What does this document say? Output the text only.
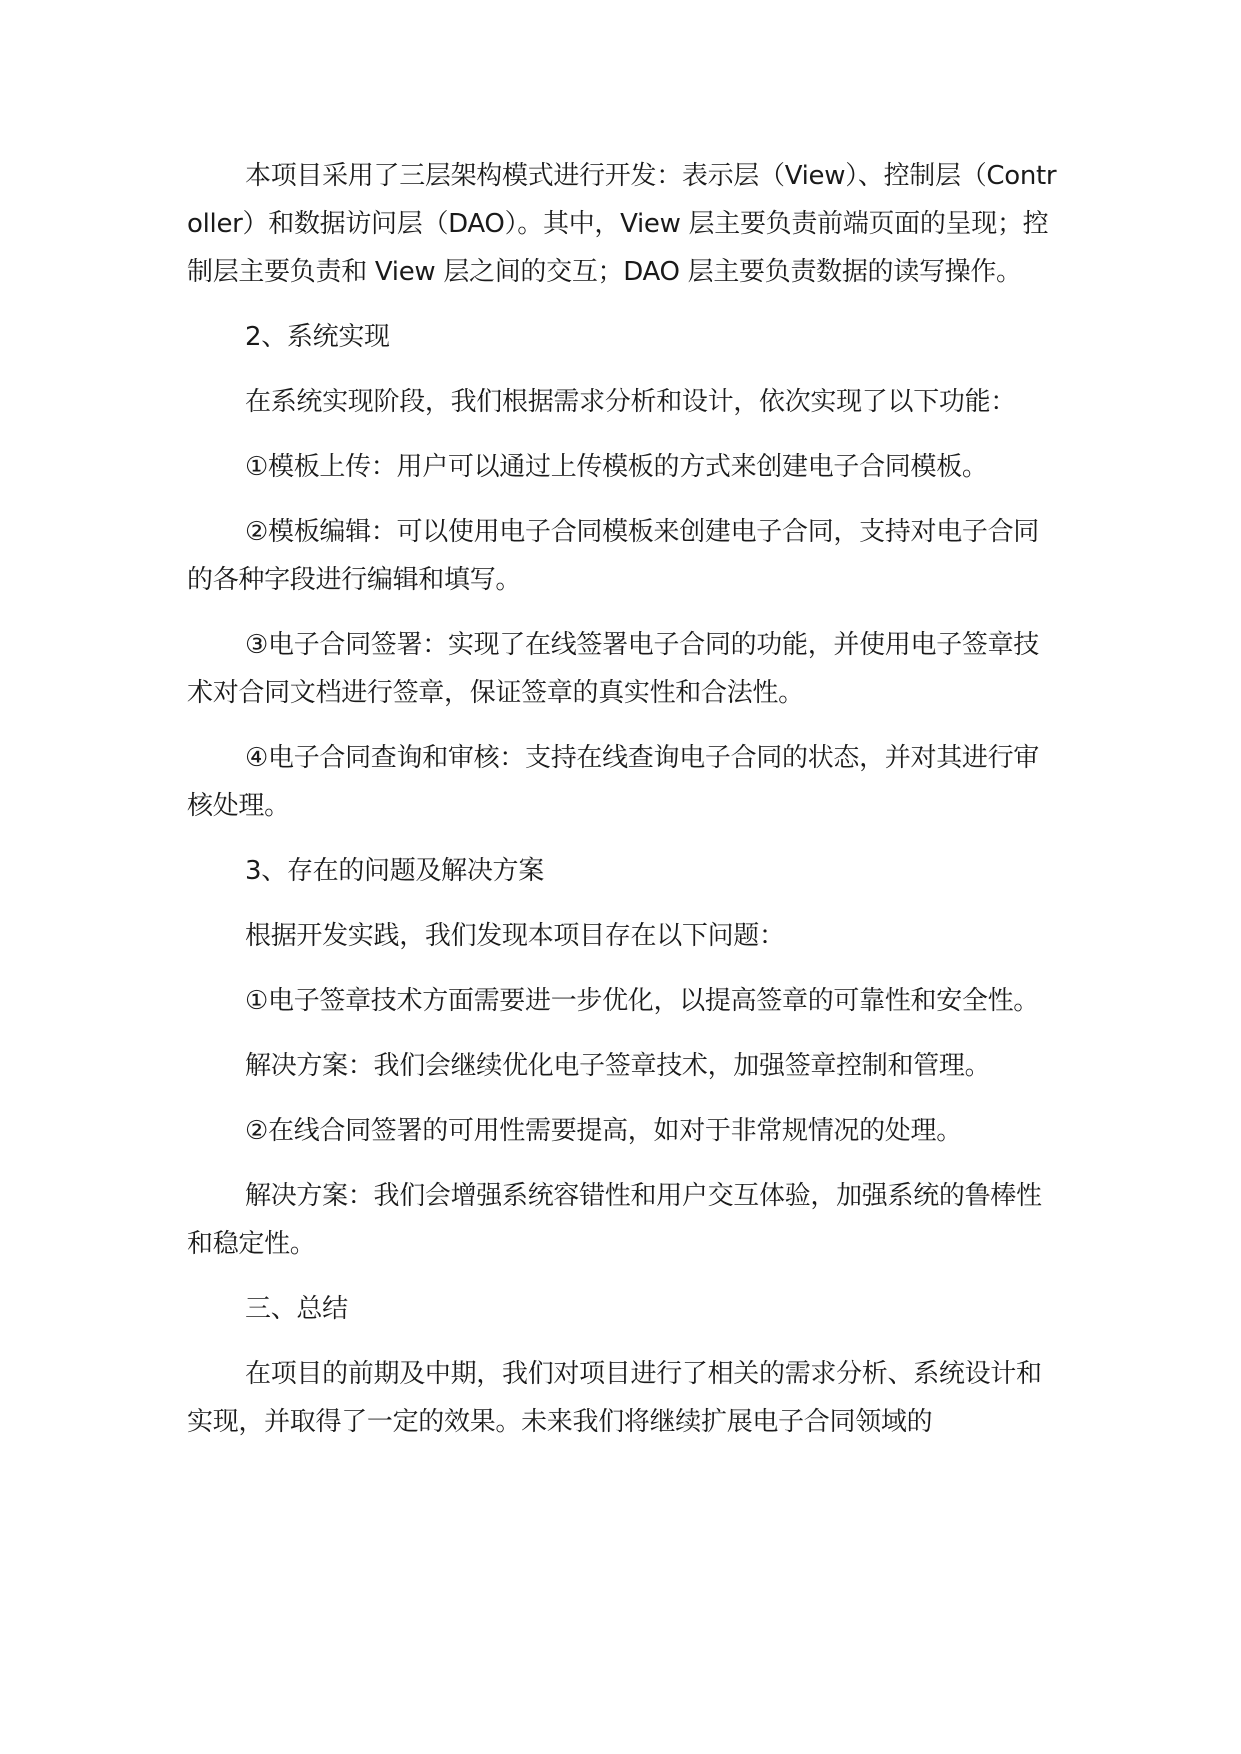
本项目采用了三层架构模式进行开发：表示层（View）、控制层（Controller）和数据访问层（DAO）。其中，View 层主要负责前端页面的呈现；控制层主要负责和 View 层之间的交互；DAO 层主要负责数据的读写操作。

2、系统实现

在系统实现阶段，我们根据需求分析和设计，依次实现了以下功能：

①模板上传：用户可以通过上传模板的方式来创建电子合同模板。

②模板编辑：可以使用电子合同模板来创建电子合同，支持对电子合同的各种字段进行编辑和填写。

③电子合同签署：实现了在线签署电子合同的功能，并使用电子签章技术对合同文档进行签章，保证签章的真实性和合法性。

④电子合同查询和审核：支持在线查询电子合同的状态，并对其进行审核处理。

3、存在的问题及解决方案

根据开发实践，我们发现本项目存在以下问题：

①电子签章技术方面需要进一步优化，以提高签章的可靠性和安全性。

解决方案：我们会继续优化电子签章技术，加强签章控制和管理。

②在线合同签署的可用性需要提高，如对于非常规情况的处理。

解决方案：我们会增强系统容错性和用户交互体验，加强系统的鲁棒性和稳定性。

三、总结

在项目的前期及中期，我们对项目进行了相关的需求分析、系统设计和实现，并取得了一定的效果。未来我们将继续扩展电子合同领域的
